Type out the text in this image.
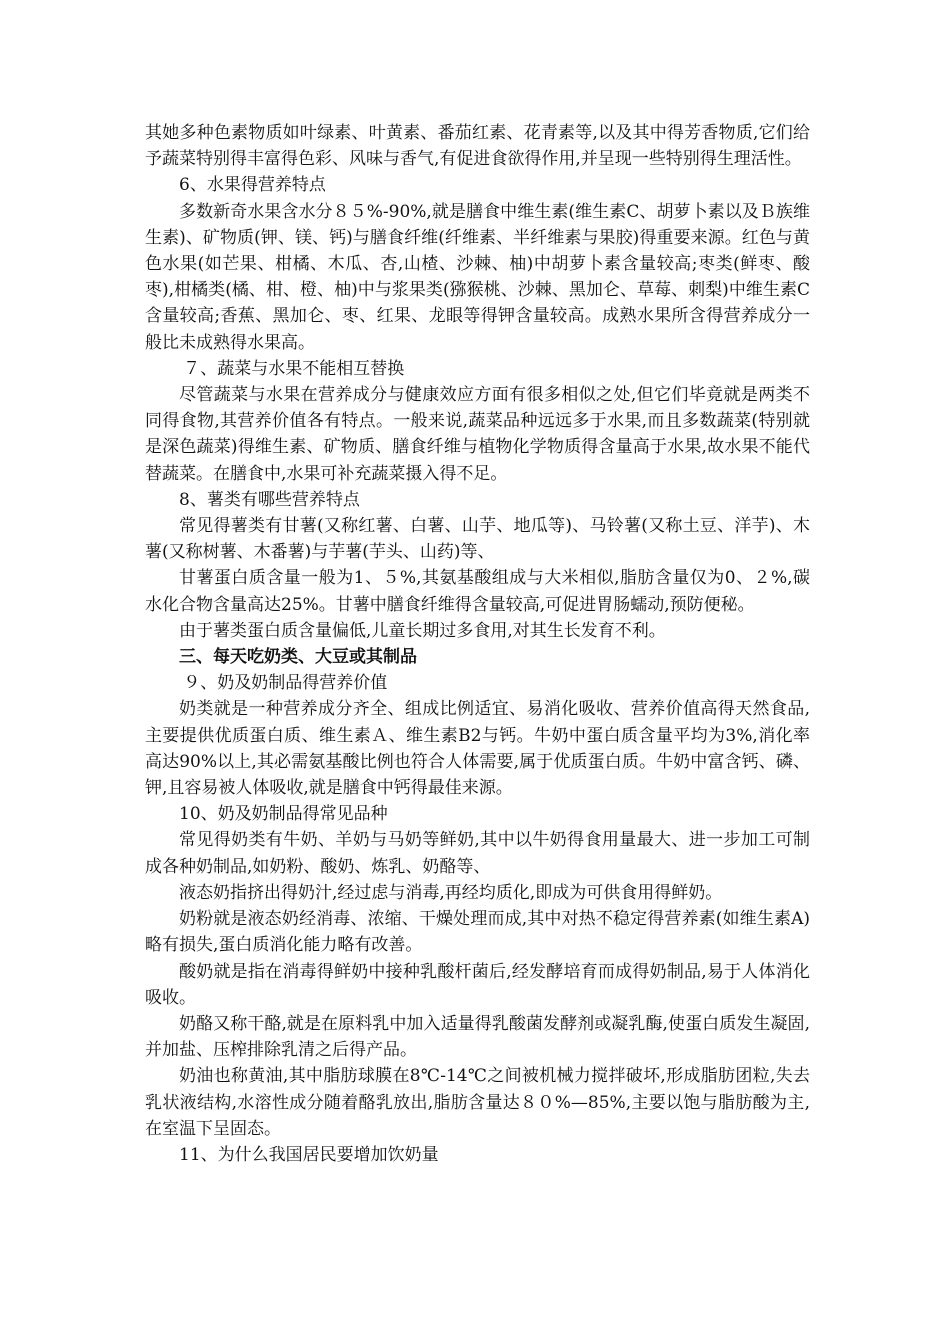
其她多种色素物质如叶绿素、叶黄素、番茄红素、花青素等,以及其中得芳香物质,它们给予蔬菜特别得丰富得色彩、风味与香气,有促进食欲得作用,并呈现一些特别得生理活性。

6、水果得营养特点

多数新奇水果含水分８５%-90%,就是膳食中维生素(维生素C、胡萝卜素以及Ｂ族维生素)、矿物质(钾、镁、钙)与膳食纤维(纤维素、半纤维素与果胶)得重要来源。红色与黄色水果(如芒果、柑橘、木瓜、杏,山楂、沙棘、柚)中胡萝卜素含量较高;枣类(鲜枣、酸枣),柑橘类(橘、柑、橙、柚)中与浆果类(猕猴桃、沙棘、黑加仑、草莓、刺梨)中维生素C含量较高;香蕉、黑加仑、枣、红果、龙眼等得钾含量较高。成熟水果所含得营养成分一般比未成熟得水果高。

７、蔬菜与水果不能相互替换

尽管蔬菜与水果在营养成分与健康效应方面有很多相似之处,但它们毕竟就是两类不同得食物,其营养价值各有特点。一般来说,蔬菜品种远远多于水果,而且多数蔬菜(特别就是深色蔬菜)得维生素、矿物质、膳食纤维与植物化学物质得含量高于水果,故水果不能代替蔬菜。在膳食中,水果可补充蔬菜摄入得不足。

8、薯类有哪些营养特点

常见得薯类有甘薯(又称红薯、白薯、山芋、地瓜等)、马铃薯(又称土豆、洋芋)、木薯(又称树薯、木番薯)与芋薯(芋头、山药)等、

甘薯蛋白质含量一般为1、５%,其氨基酸组成与大米相似,脂肪含量仅为0、２%,碳水化合物含量高达25%。甘薯中膳食纤维得含量较高,可促进胃肠蠕动,预防便秘。

由于薯类蛋白质含量偏低,儿童长期过多食用,对其生长发育不利。

三、每天吃奶类、大豆或其制品

９、奶及奶制品得营养价值

奶类就是一种营养成分齐全、组成比例适宜、易消化吸收、营养价值高得天然食品,主要提供优质蛋白质、维生素Ａ、维生素B2与钙。牛奶中蛋白质含量平均为3%,消化率高达90%以上,其必需氨基酸比例也符合人体需要,属于优质蛋白质。牛奶中富含钙、磷、钾,且容易被人体吸收,就是膳食中钙得最佳来源。

10、奶及奶制品得常见品种

常见得奶类有牛奶、羊奶与马奶等鲜奶,其中以牛奶得食用量最大、进一步加工可制成各种奶制品,如奶粉、酸奶、炼乳、奶酪等、

液态奶指挤出得奶汁,经过虑与消毒,再经均质化,即成为可供食用得鲜奶。

奶粉就是液态奶经消毒、浓缩、干燥处理而成,其中对热不稳定得营养素(如维生素A)略有损失,蛋白质消化能力略有改善。

酸奶就是指在消毒得鲜奶中接种乳酸杆菌后,经发酵培育而成得奶制品,易于人体消化吸收。

奶酪又称干酪,就是在原料乳中加入适量得乳酸菌发酵剂或凝乳酶,使蛋白质发生凝固,并加盐、压榨排除乳清之后得产品。

奶油也称黄油,其中脂肪球膜在8℃-14℃之间被机械力搅拌破坏,形成脂肪团粒,失去乳状液结构,水溶性成分随着酪乳放出,脂肪含量达８０%—85%,主要以饱与脂肪酸为主,在室温下呈固态。

11、为什么我国居民要增加饮奶量
